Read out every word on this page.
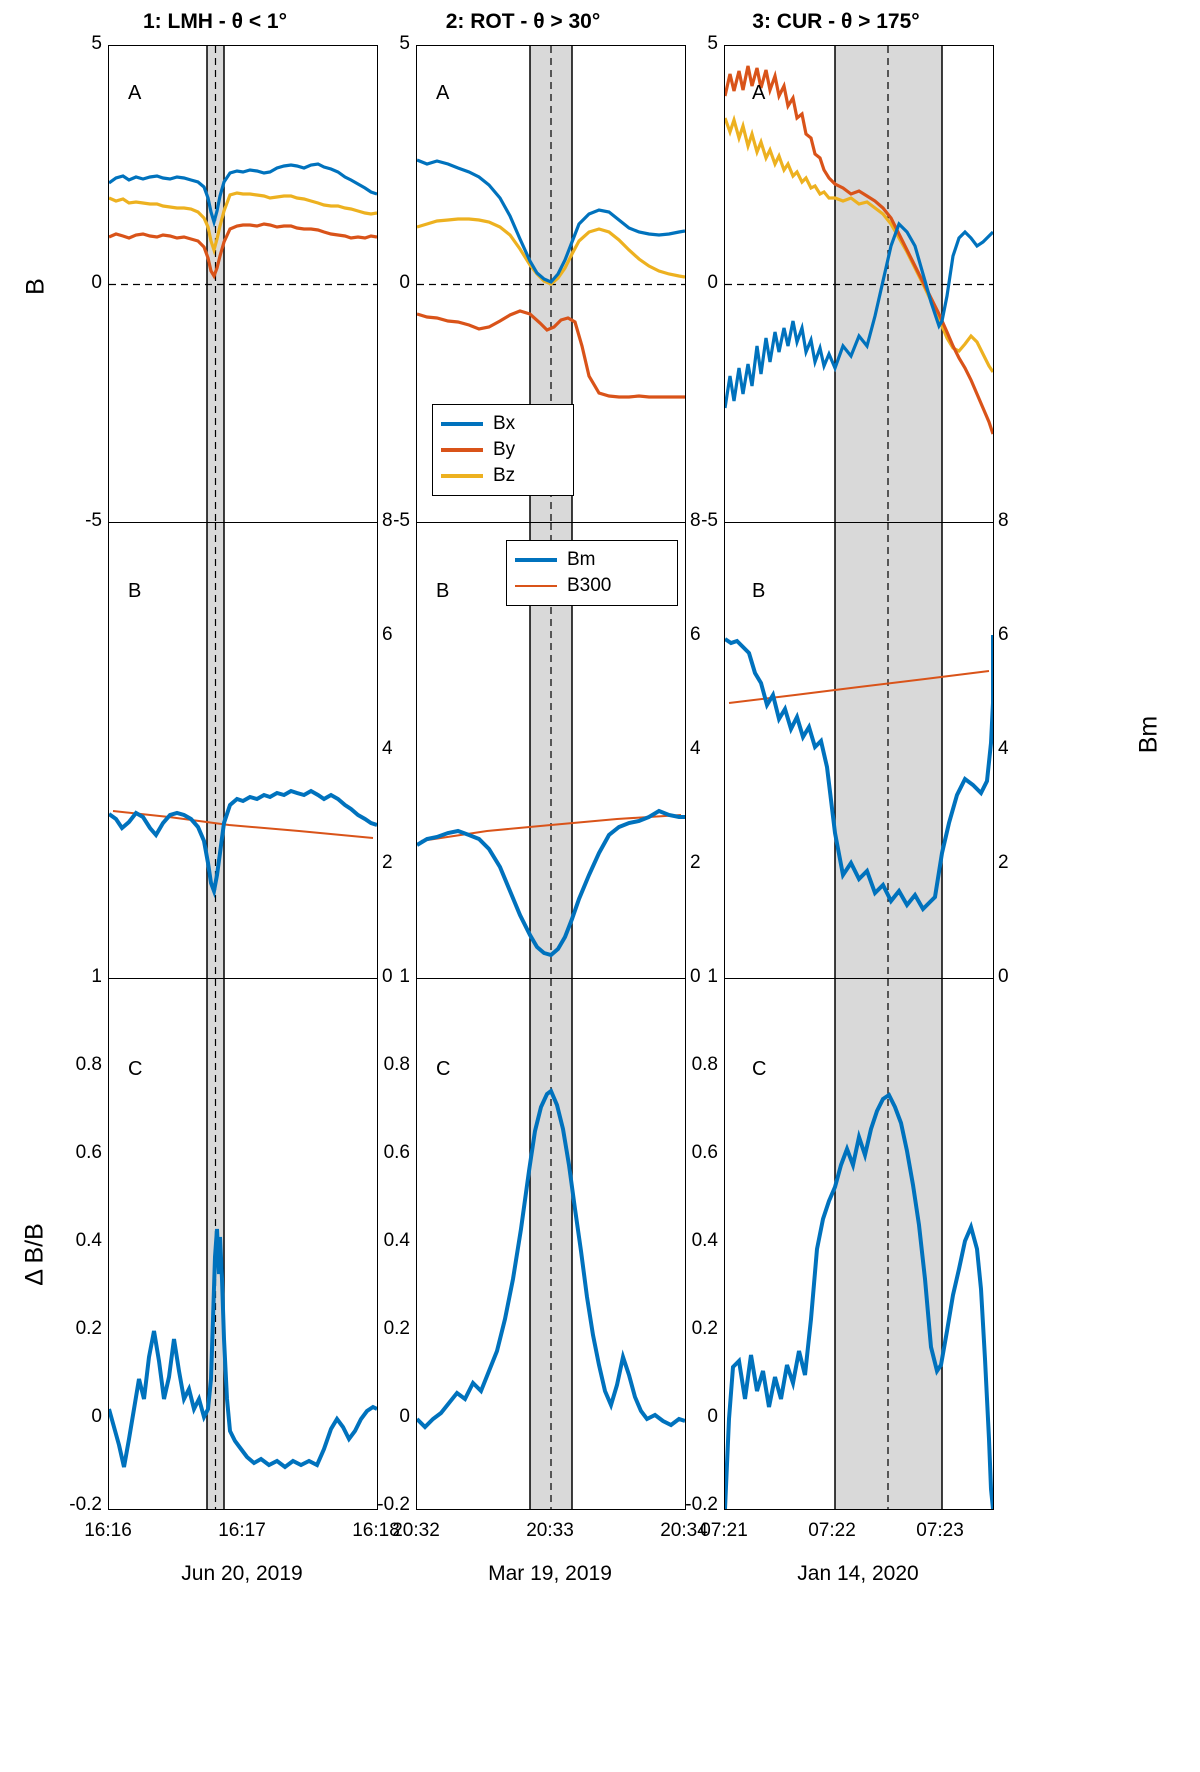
1: LMH - θ < 1°	2: ROT - θ > 30°	3: CUR - θ > 175°
A	A	A
5
0
-5
5
0
-5
5
0
-5
B
Bx
By
Bz
B	B	B
8
6
4
2
0
8
6
4
2
0
8
6
4
2
0
Bm
Bm
B300
C	C	C
1
0.8
0.6
0.4
0.2
0
-0.2
1
0.8
0.6
0.4
0.2
0
-0.2
1
0.8
0.6
0.4
0.2
0
-0.2
Δ B/B
16:16	16:17	16:18
20:32	20:33	20:34
07:21	07:22	07:23
Jun 20, 2019	Mar 19, 2019	Jan 14, 2020
